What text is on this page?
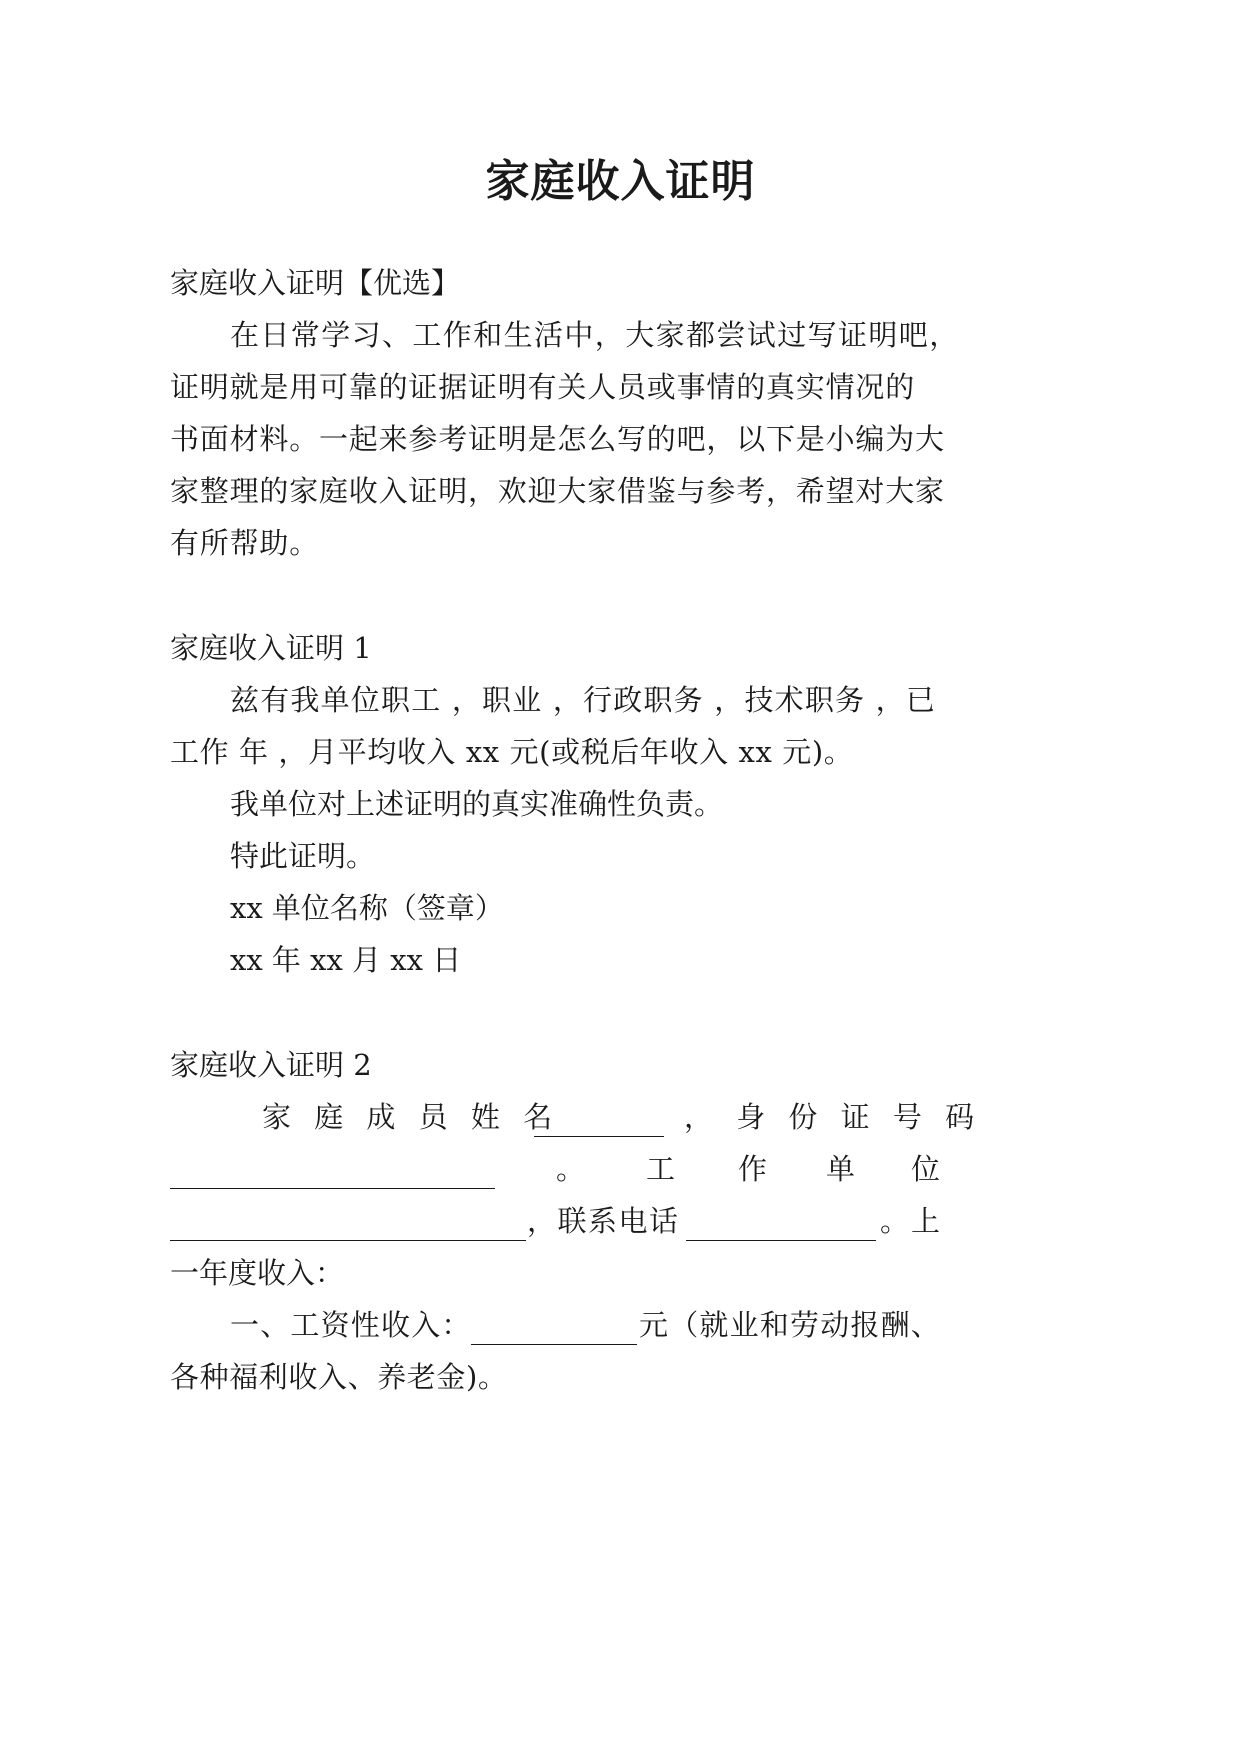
家庭收入证明
家庭收入证明【优选】
在日常学习、工作和生活中，大家都尝试过写证明吧，
证明就是用可靠的证据证明有关人员或事情的真实情况的
书面材料。一起来参考证明是怎么写的吧，以下是小编为大
家整理的家庭收入证明，欢迎大家借鉴与参考，希望对大家
有所帮助。
家庭收入证明 1
兹有我单位职工 ，职业 ，行政职务 ，技术职务 ，已
工作 年 ，月平均收入 xx 元(或税后年收入 xx 元)。
我单位对上述证明的真实准确性负责。
特此证明。
xx 单位名称（签章）
xx 年 xx 月 xx 日
家庭收入证明 2
家 庭 成 员 姓 名	， 身 份 证 号 码
。 工 作 单 位
，联系电话	。上
一年度收入：
一、工资性收入：	元（就业和劳动报酬、
各种福利收入、养老金)。
